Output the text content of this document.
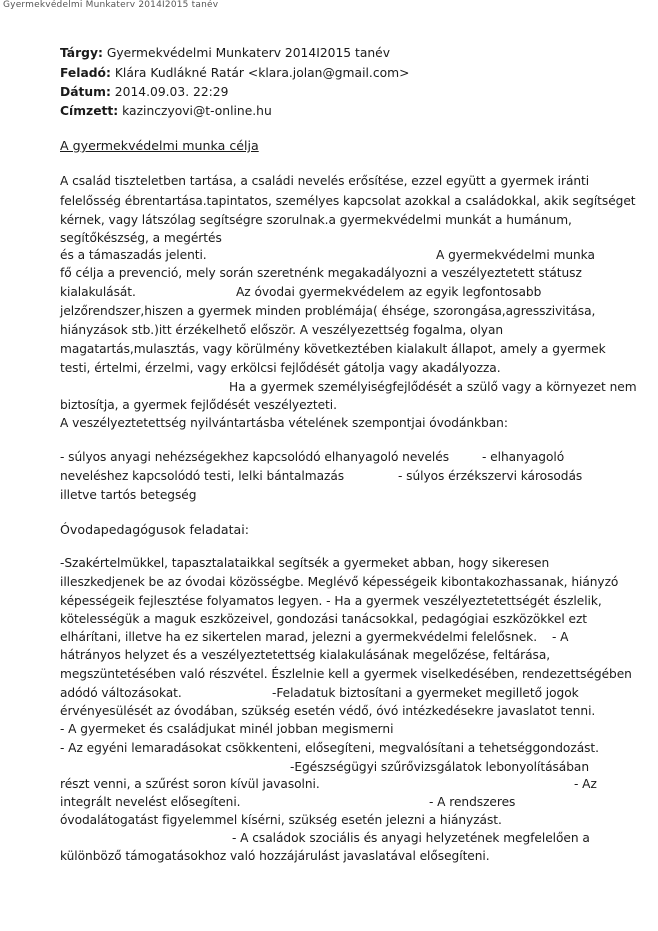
Gyermekvédelmi Munkaterv 2014I2015 tanév
Tárgy: Gyermekvédelmi Munkaterv 2014I2015 tanév
Feladó: Klára Kudlákné Ratár <klara.jolan@gmail.com>
Dátum: 2014.09.03. 22:29
Címzett: kazinczyovi@t-online.hu
A gyermekvédelmi munka célja
A család tiszteletben tartása, a családi nevelés erősítése, ezzel együtt a gyermek iránti
felelősség ébrentartása.tapintatos, személyes kapcsolat azokkal a családokkal, akik segítséget
kérnek, vagy látszólag segítségre szorulnak.a gyermekvédelmi munkát a humánum,
segítőkészség, a megértés
és a támaszadás jelenti.	A gyermekvédelmi munka
fő célja a prevenció, mely során szeretnénk megakadályozni a veszélyeztetett státusz
kialakulását.	Az óvodai gyermekvédelem az egyik legfontosabb
jelzőrendszer,hiszen a gyermek minden problémája( éhsége, szorongása,agresszivitása,
hiányzások stb.)itt érzékelhető először. A veszélyezettség fogalma, olyan
magatartás,mulasztás, vagy körülmény következtében kialakult állapot, amely a gyermek
testi, értelmi, érzelmi, vagy erkölcsi fejlődését gátolja vagy akadályozza.
Ha a gyermek személyiségfejlődését a szülő vagy a környezet nem
biztosítja, a gyermek fejlődését veszélyezteti.
A veszélyeztetettség nyilvántartásba vételének szempontjai óvodánkban:
- súlyos anyagi nehézségekhez kapcsolódó elhanyagoló nevelés	- elhanyagoló
neveléshez kapcsolódó testi, lelki bántalmazás	- súlyos érzékszervi károsodás
illetve tartós betegség
Óvodapedagógusok feladatai:
-Szakértelmükkel, tapasztalataikkal segítsék a gyermeket abban, hogy sikeresen
illeszkedjenek be az óvodai közösségbe. Meglévő képességeik kibontakozhassanak, hiányzó
képességeik fejlesztése folyamatos legyen. - Ha a gyermek veszélyeztetettségét észlelik,
kötelességük a maguk eszközeivel, gondozási tanácsokkal, pedagógiai eszközökkel ezt
elhárítani, illetve ha ez sikertelen marad, jelezni a gyermekvédelmi felelősnek. - A
hátrányos helyzet és a veszélyeztetettség kialakulásának megelőzése, feltárása,
megszüntetésében való részvétel. Észlelnie kell a gyermek viselkedésében, rendezettségében
adódó változásokat.	-Feladatuk biztosítani a gyermeket megillető jogok
érvényesülését az óvodában, szükség esetén védő, óvó intézkedésekre javaslatot tenni.
- A gyermeket és családjukat minél jobban megismerni
- Az egyéni lemaradásokat csökkenteni, elősegíteni, megvalósítani a tehetséggondozást.
-Egészségügyi szűrővizsgálatok lebonyolításában
részt venni, a szűrést soron kívül javasolni.	- Az
integrált nevelést elősegíteni.	- A rendszeres
óvodalátogatást figyelemmel kísérni, szükség esetén jelezni a hiányzást.
- A családok szociális és anyagi helyzetének megfelelően a
különböző támogatásokhoz való hozzájárulást javaslatával elősegíteni.
